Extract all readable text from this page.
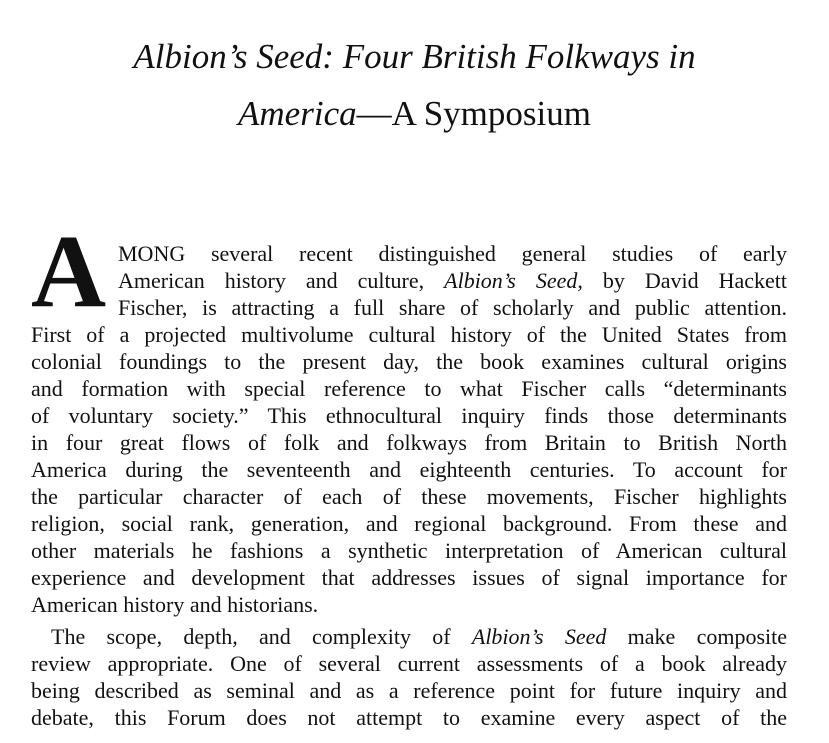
Albion’s Seed: Four British Folkways in
America—A Symposium
A MONG several recent distinguished general studies of early
American history and culture, Albion’s Seed, by David Hackett
Fischer, is attracting a full share of scholarly and public attention.
First of a projected multivolume cultural history of the United States from
colonial foundings to the present day, the book examines cultural origins
and formation with special reference to what Fischer calls “determinants
of voluntary society.” This ethnocultural inquiry finds those determinants
in four great flows of folk and folkways from Britain to British North
America during the seventeenth and eighteenth centuries. To account for
the particular character of each of these movements, Fischer highlights
religion, social rank, generation, and regional background. From these and
other materials he fashions a synthetic interpretation of American cultural
experience and development that addresses issues of signal importance for
American history and historians.
The scope, depth, and complexity of Albion’s Seed make composite
review appropriate. One of several current assessments of a book already
being described as seminal and as a reference point for future inquiry and
debate, this Forum does not attempt to examine every aspect of the
